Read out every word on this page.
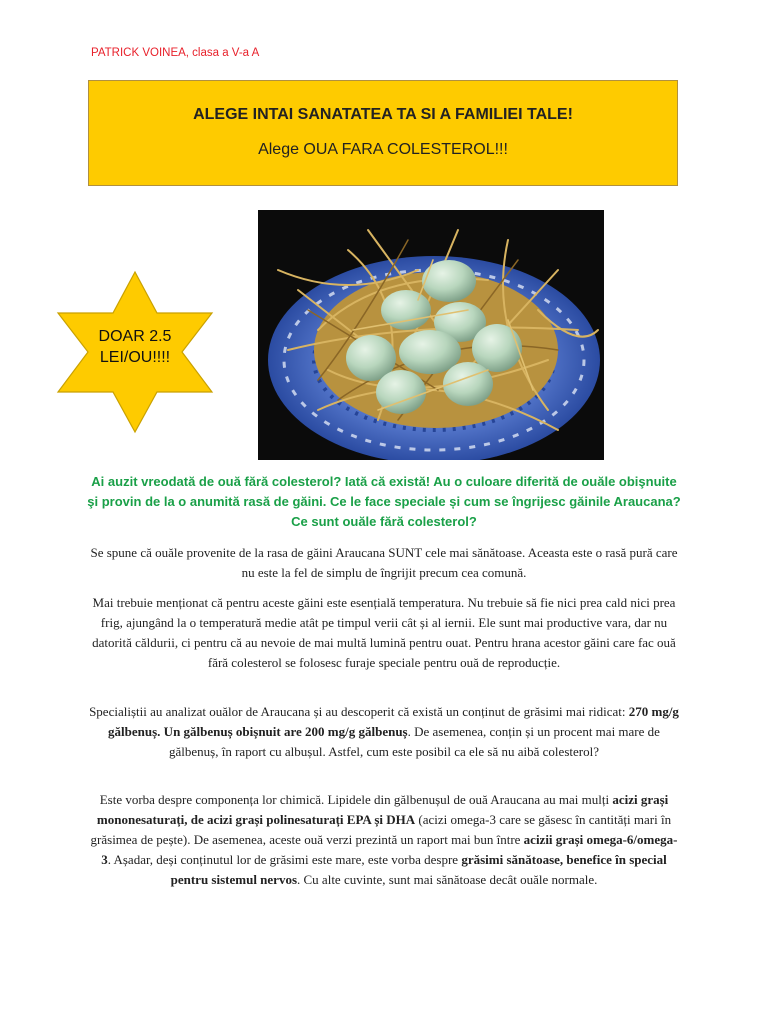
PATRICK VOINEA, clasa a V-a A
ALEGE INTAI SANATATEA TA SI A FAMILIEI TALE!
Alege OUA FARA COLESTEROL!!!
DOAR 2.5
LEI/OU!!!!
Ai auzit vreodată de ouă fără colesterol? Iată că există! Au o culoare diferită de ouăle obişnuite şi provin de la o anumită rasă de găini. Ce le face speciale și cum se îngrijesc găinile Araucana? Ce sunt ouăle fără colesterol?
Se spune că ouăle provenite de la rasa de găini Araucana SUNT cele mai sănătoase. Aceasta este o rasă pură care nu este la fel de simplu de îngrijit precum cea comună.
Mai trebuie menționat că pentru aceste găini este esențială temperatura. Nu trebuie să fie nici prea cald nici prea frig, ajungând la o temperatură medie atât pe timpul verii cât și al iernii. Ele sunt mai productive vara, dar nu datorită căldurii, ci pentru că au nevoie de mai multă lumină pentru ouat. Pentru hrana acestor găini care fac ouă fără colesterol se folosesc furaje speciale pentru ouă de reproducție.
Specialiștii au analizat ouălor de Araucana și au descoperit că există un conținut de grăsimi mai ridicat: 270 mg/g gălbenuș. Un gălbenuș obișnuit are 200 mg/g gălbenuș. De asemenea, conțin și un procent mai mare de gălbenuș, în raport cu albușul. Astfel, cum este posibil ca ele să nu aibă colesterol?
Este vorba despre componența lor chimică. Lipidele din gălbenușul de ouă Araucana au mai mulți acizi grași mononesaturați, de acizi grași polinesaturați EPA și DHA (acizi omega-3 care se găsesc în cantități mari în grăsimea de pește). De asemenea, aceste ouă verzi prezintă un raport mai bun între acizii grași omega-6/omega-3. Așadar, deși conținutul lor de grăsimi este mare, este vorba despre grăsimi sănătoase, benefice în special pentru sistemul nervos. Cu alte cuvinte, sunt mai sănătoase decât ouăle normale.
